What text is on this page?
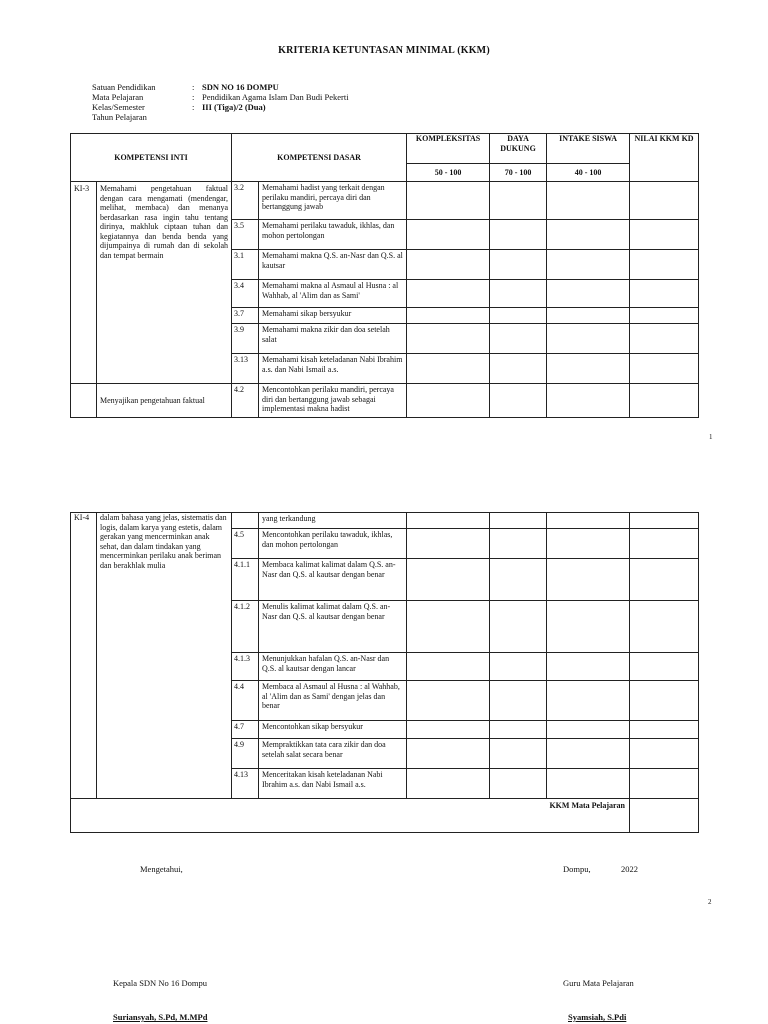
KRITERIA KETUNTASAN MINIMAL (KKM)
Satuan Pendidikan	: SDN NO 16 DOMPU
Mata Pelajaran	: Pendidikan Agama Islam Dan Budi Pekerti
Kelas/Semester	: III (Tiga)/2 (Dua)
Tahun Pelajaran
KOMPETENSI INTI		KOMPETENSI DASAR		KOMPLEKSITAS	DAYA DUKUNG	INTAKE SISWA	NILAI KKM KD
				50 - 100	70 - 100	40 - 100	
KI-3	Memahami pengetahuan faktual dengan cara mengamati (mendengar, melihat, membaca) dan menanya berdasarkan rasa ingin tahu tentang dirinya, makhluk ciptaan tuhan dan kegiatannya dan benda benda yang dijumpainya di rumah dan di sekolah dan tempat bermain	3.2	Memahami hadist yang terkait dengan perilaku mandiri, percaya diri dan bertanggung jawab				
		3.5	Memahami perilaku tawaduk, ikhlas, dan mohon pertolongan				
		3.1	Memahami makna Q.S. an-Nasr dan Q.S. al kautsar				
		3.4	Memahami makna al Asmaul al Husna : al Wahhab, al 'Alim dan as Sami'				
		3.7	Memahami sikap bersyukur				
		3.9	Memahami makna zikir dan doa setelah salat				
		3.13	Memahami kisah keteladanan Nabi Ibrahim a.s. dan Nabi Ismail a.s.				
	Menyajikan pengetahuan faktual	4.2	Mencontohkan perilaku mandiri, percaya diri dan bertanggung jawab sebagai implementasi makna hadist				
1
KI-4	dalam bahasa yang jelas, sistematis dan logis, dalam karya yang estetis, dalam gerakan yang mencerminkan anak sehat, dan dalam tindakan yang mencerminkan perilaku anak beriman dan berakhlak mulia		yang terkandung				
		4.5	Mencontohkan perilaku tawaduk, ikhlas, dan mohon pertolongan				
		4.1.1	Membaca kalimat kalimat dalam Q.S. an-Nasr dan Q.S. al kautsar dengan benar				
		4.1.2	Menulis kalimat kalimat dalam Q.S. an-Nasr dan Q.S. al kautsar dengan benar				
		4.1.3	Menunjukkan hafalan Q.S. an-Nasr dan Q.S. al kautsar dengan lancar				
		4.4	Membaca al Asmaul al Husna : al Wahhab, al 'Alim dan as Sami' dengan jelas dan benar				
		4.7	Mencontohkan sikap bersyukur				
		4.9	Mempraktikkan tata cara zikir dan doa setelah salat secara benar				
		4.13	Menceritakan kisah keteladanan Nabi Ibrahim a.s. dan Nabi Ismail a.s.				
KKM Mata Pelajaran							
Mengetahui,	Dompu,	2022
2
Kepala SDN No 16 Dompu	Guru Mata Pelajaran
Suriansyah, S.Pd, M.MPd	Syamsiah, S.Pdi
